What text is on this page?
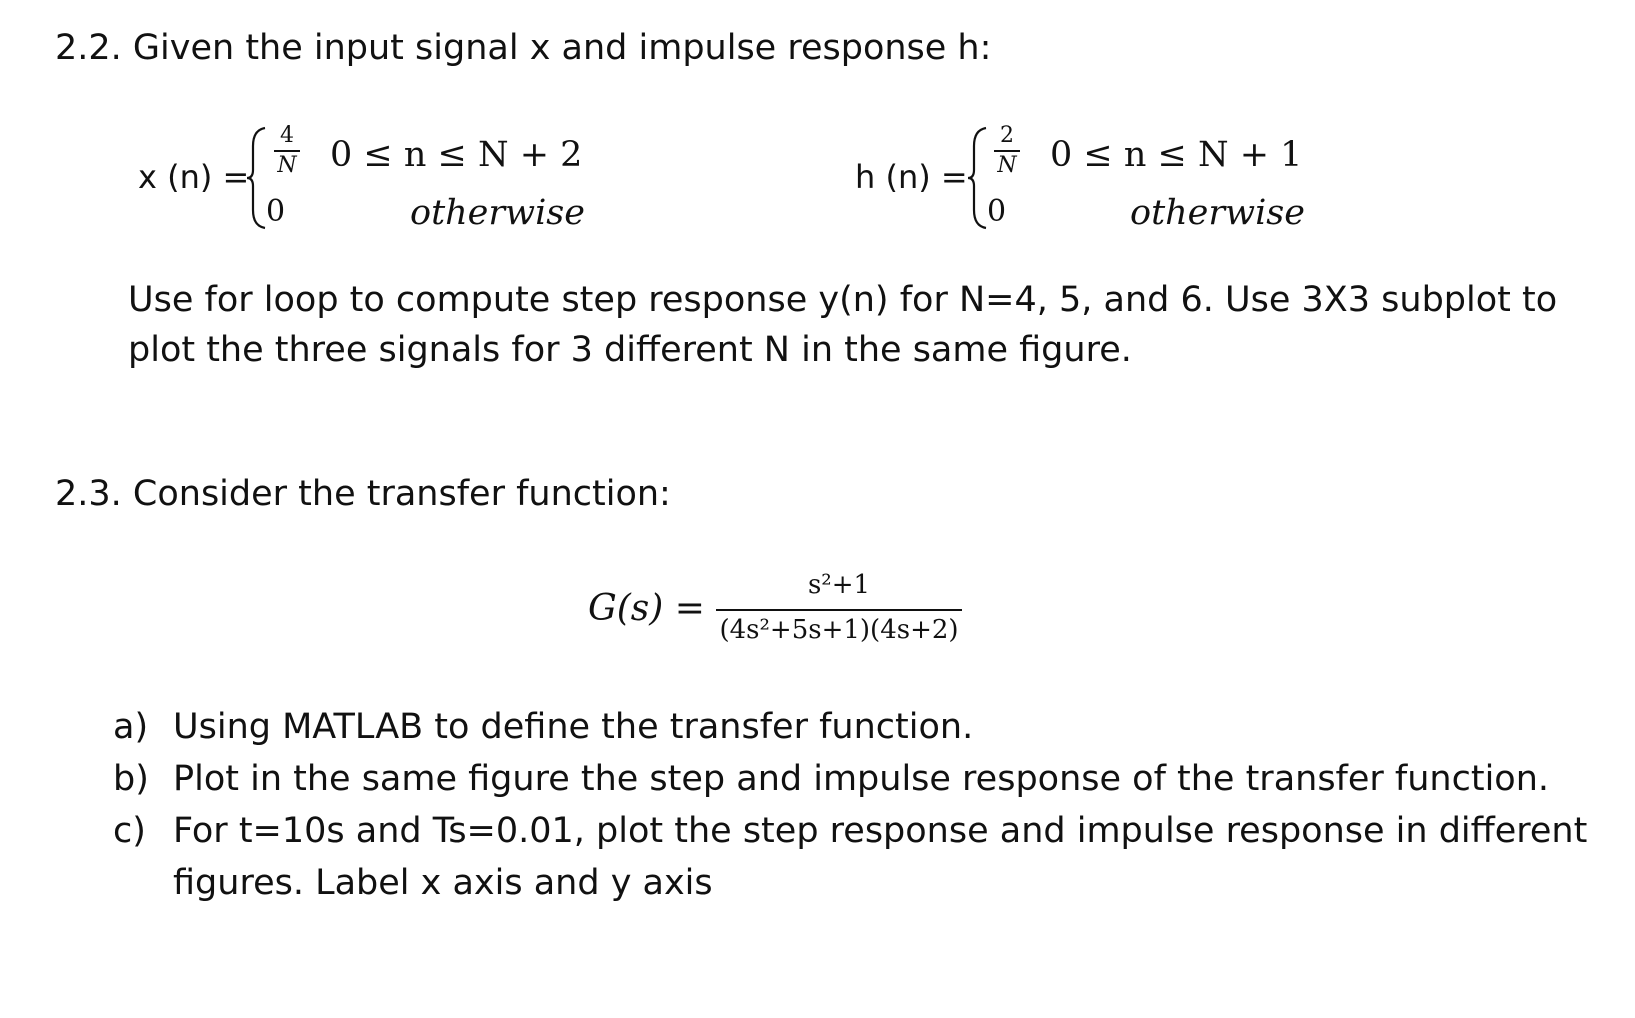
2.2. Given the input signal x and impulse response h:
x (n) =
4
N
0
0 ≤ n ≤ N + 2
otherwise
h (n) =
2
N
0
0 ≤ n ≤ N + 1
otherwise
Use for loop to compute step response y(n) for N=4, 5, and 6. Use 3X3 subplot to
plot the three signals for 3 different N in the same figure.
2.3. Consider the transfer function:
G(s) =
s²+1
(4s²+5s+1)(4s+2)
a) Using MATLAB to define the transfer function.
b) Plot in the same figure the step and impulse response of the transfer function.
c) For t=10s and Ts=0.01, plot the step response and impulse response in different
figures. Label x axis and y axis
